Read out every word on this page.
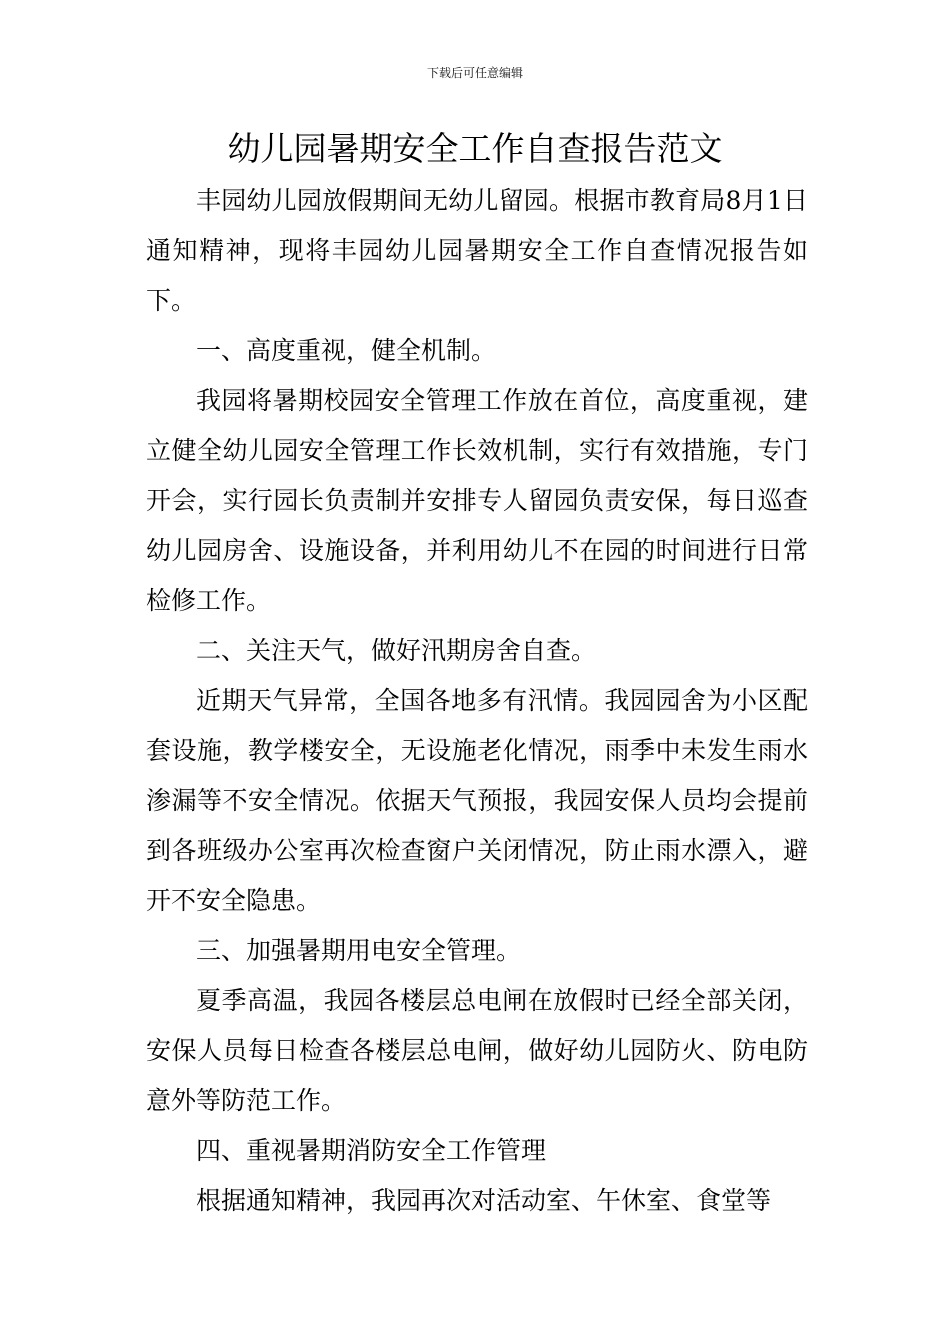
下载后可任意编辑
幼儿园暑期安全工作自查报告范文

丰园幼儿园放假期间无幼儿留园。根据市教育局8月1日通知精神，现将丰园幼儿园暑期安全工作自查情况报告如下。

一、高度重视，健全机制。

我园将暑期校园安全管理工作放在首位，高度重视，建立健全幼儿园安全管理工作长效机制，实行有效措施，专门开会，实行园长负责制并安排专人留园负责安保，每日巡查幼儿园房舍、设施设备，并利用幼儿不在园的时间进行日常检修工作。

二、关注天气，做好汛期房舍自查。

近期天气异常，全国各地多有汛情。我园园舍为小区配套设施，教学楼安全，无设施老化情况，雨季中未发生雨水渗漏等不安全情况。依据天气预报，我园安保人员均会提前到各班级办公室再次检查窗户关闭情况，防止雨水漂入，避开不安全隐患。

三、加强暑期用电安全管理。

夏季高温，我园各楼层总电闸在放假时已经全部关闭，安保人员每日检查各楼层总电闸，做好幼儿园防火、防电防意外等防范工作。

四、重视暑期消防安全工作管理

根据通知精神，我园再次对活动室、午休室、食堂等
